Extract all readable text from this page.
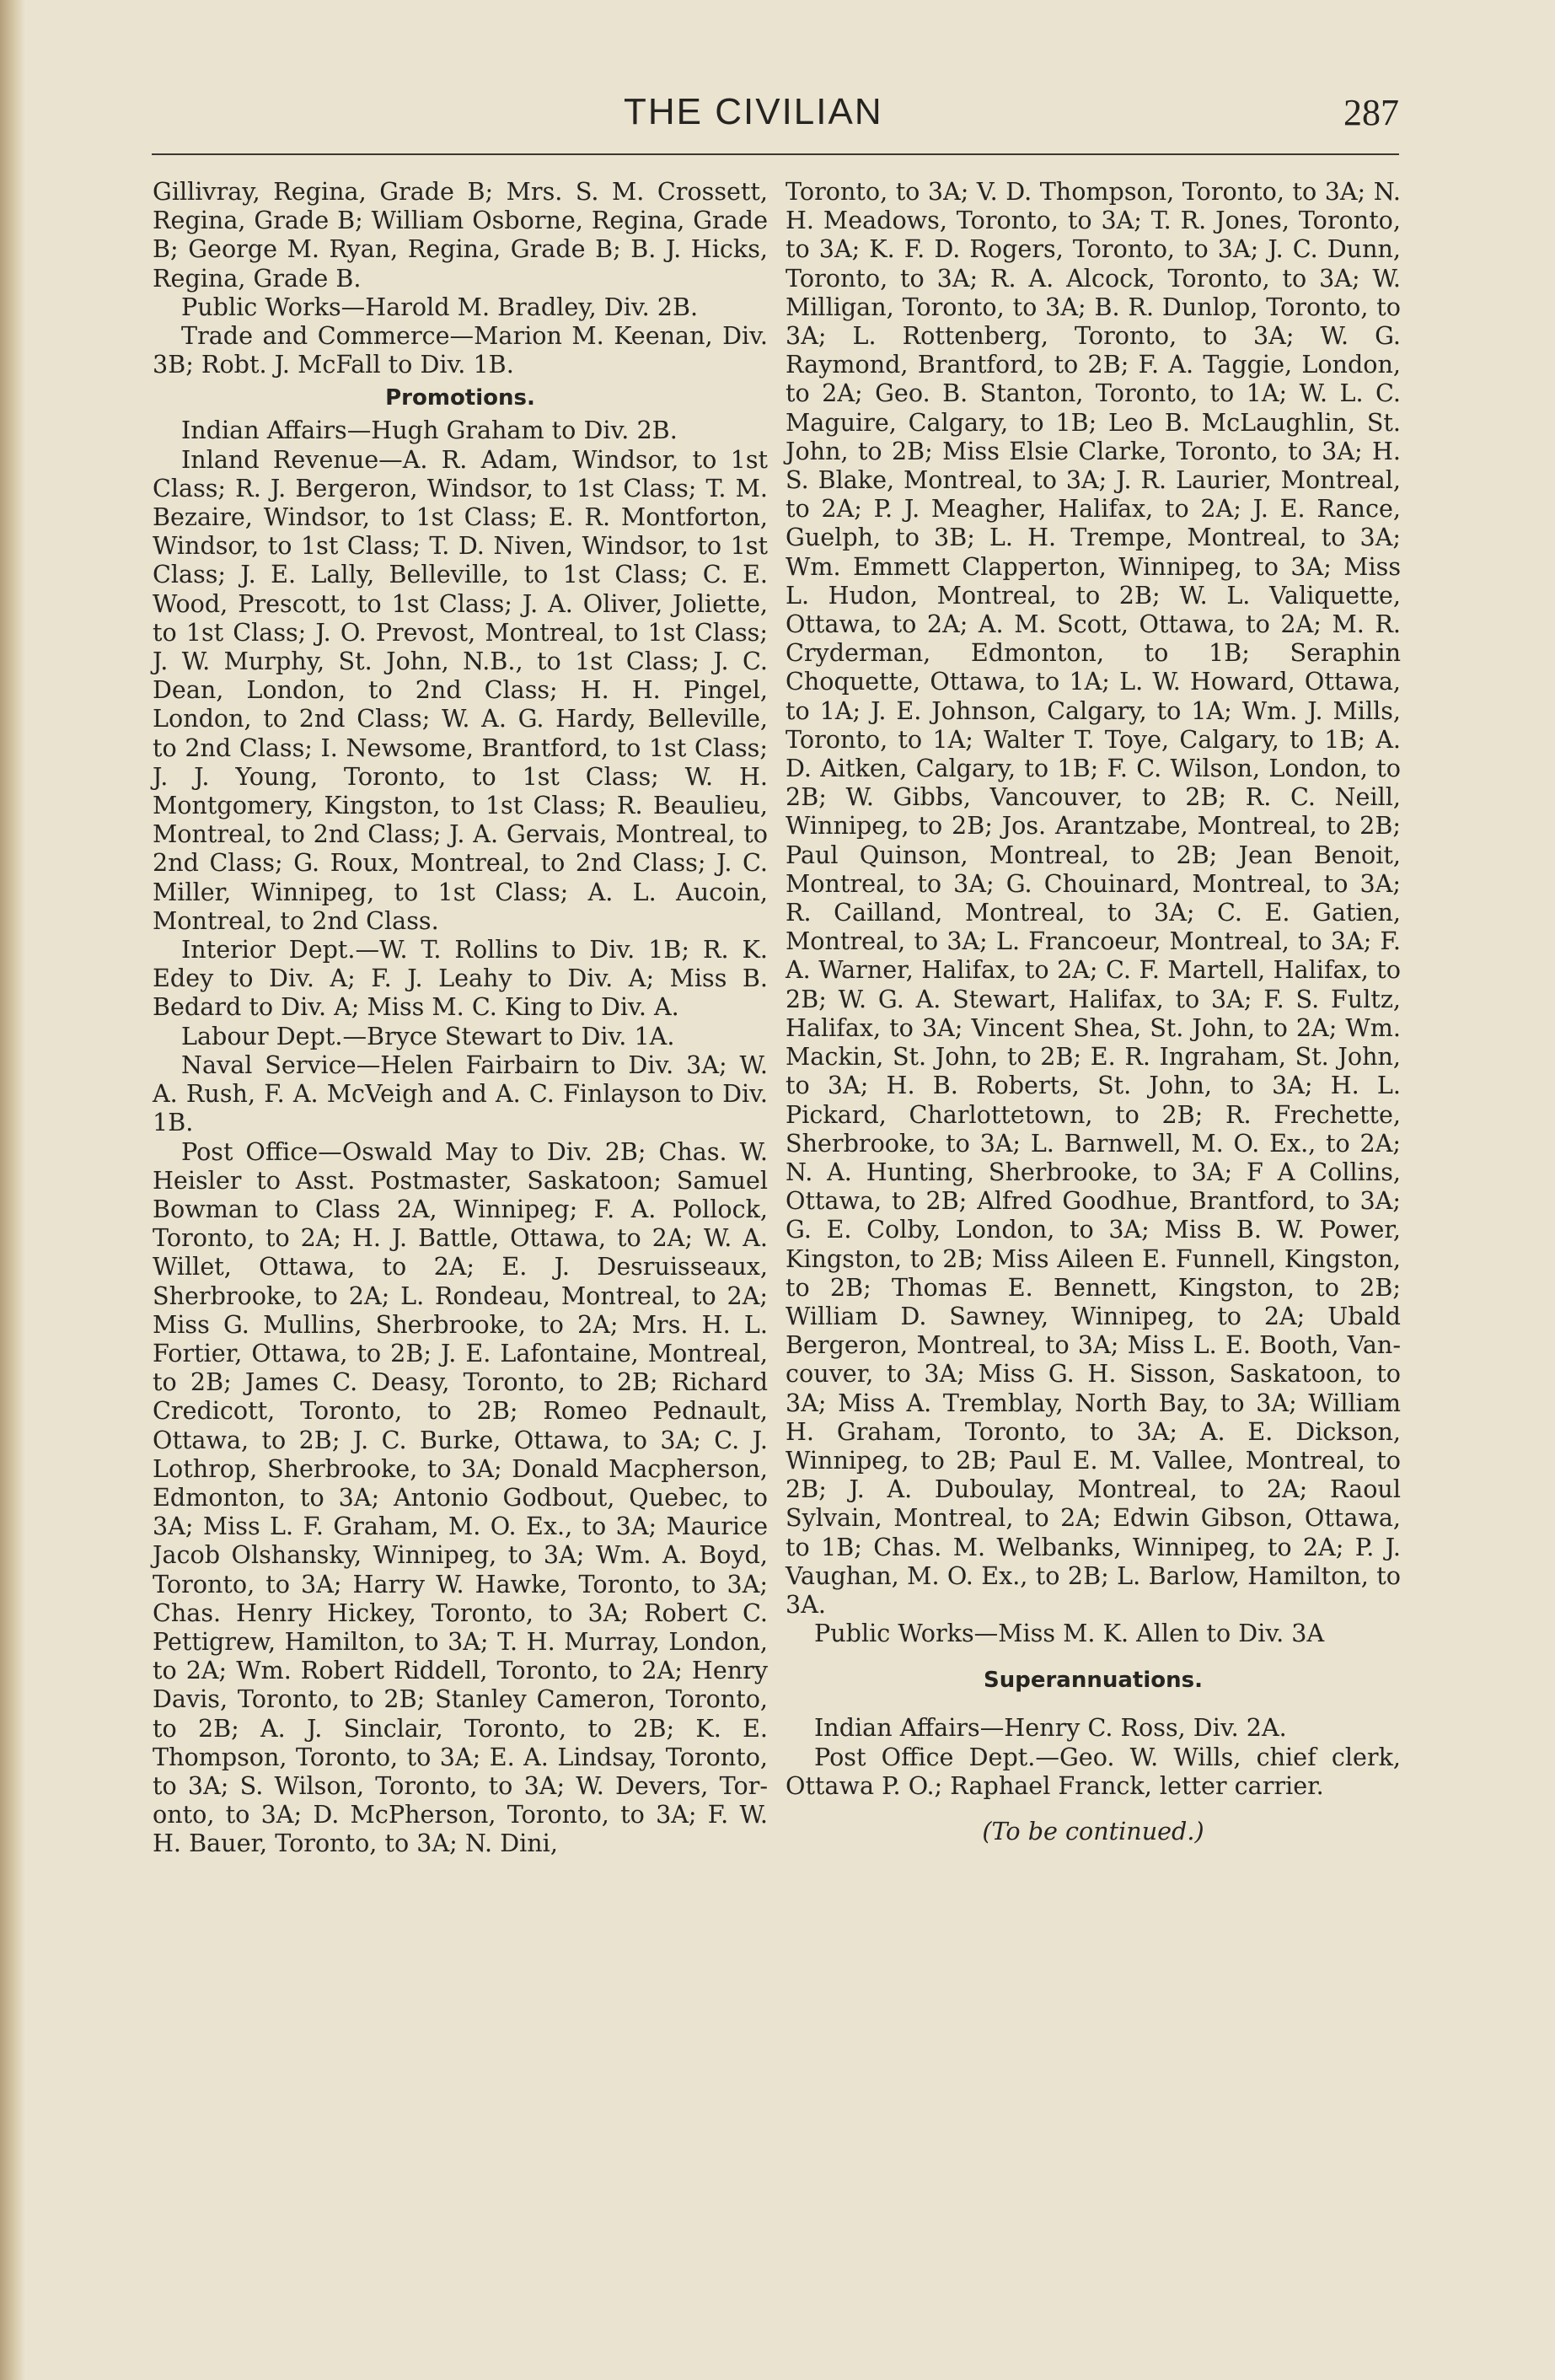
THE CIVILIAN	287

Gillivray, Regina, Grade B; Mrs. S. M. Crossett, Regina, Grade B; William Osborne, Regina, Grade B; George M. Ryan, Regina, Grade B; B. J. Hicks, Regina, Grade B.

Public Works—Harold M. Bradley, Div. 2B.

Trade and Commerce—Marion M. Keenan, Div. 3B; Robt. J. McFall to Div. 1B.

Promotions.

Indian Affairs—Hugh Graham to Div. 2B.

Inland Revenue—A. R. Adam, Windsor, to 1st Class; R. J. Bergeron, Windsor, to 1st Class; T. M. Bezaire, Windsor, to 1st Class; E. R. Montforton, Windsor, to 1st Class; T. D. Niven, Windsor, to 1st Class; J. E. Lally, Belleville, to 1st Class; C. E. Wood, Prescott, to 1st Class; J. A. Oliver, Joliette, to 1st Class; J. O. Prevost, Montreal, to 1st Class; J. W. Murphy, St. John, N.B., to 1st Class; J. C. Dean, London, to 2nd Class; H. H. Pingel, London, to 2nd Class; W. A. G. Hardy, Belleville, to 2nd Class; I. Newsome, Brantford, to 1st Class; J. J. Young, Toronto, to 1st Class; W. H. Montgomery, Kingston, to 1st Class; R. Beaulieu, Montreal, to 2nd Class; J. A. Gervais, Montreal, to 2nd Class; G. Roux, Montreal, to 2nd Class; J. C. Miller, Winnipeg, to 1st Class; A. L. Aucoin, Montreal, to 2nd Class.

Interior Dept.—W. T. Rollins to Div. 1B; R. K. Edey to Div. A; F. J. Leahy to Div. A; Miss B. Bedard to Div. A; Miss M. C. King to Div. A.

Labour Dept.—Bryce Stewart to Div. 1A.

Naval Service—Helen Fairbairn to Div. 3A; W. A. Rush, F. A. McVeigh and A. C. Finlayson to Div. 1B.

Post Office—Oswald May to Div. 2B; Chas. W. Heisler to Asst. Postmaster, Saskatoon; Samuel Bowman to Class 2A, Winnipeg; F. A. Pollock, Toronto, to 2A; H. J. Battle, Ottawa, to 2A; W. A. Willet, Ottawa, to 2A; E. J. Desruisseaux, Sherbrooke, to 2A; L. Rondeau, Montreal, to 2A; Miss G. Mullins, Sherbrooke, to 2A; Mrs. H. L. Fortier, Ottawa, to 2B; J. E. Lafontaine, Montreal, to 2B; James C. Deasy, Toronto, to 2B; Richard Credicott, Toronto, to 2B; Romeo Pednault, Ottawa, to 2B; J. C. Burke, Ottawa, to 3A; C. J. Lothrop, Sherbrooke, to 3A; Donald Macpherson, Edmonton, to 3A; Antonio Godbout, Quebec, to 3A; Miss L. F. Graham, M. O. Ex., to 3A; Maurice Jacob Olshansky, Winnipeg, to 3A; Wm. A. Boyd, Toronto, to 3A; Harry W. Hawke, Toronto, to 3A; Chas. Henry Hickey, Toronto, to 3A; Robert C. Pettigrew, Hamilton, to 3A; T. H. Murray, London, to 2A; Wm. Robert Riddell, Toronto, to 2A; Henry Davis, Toronto, to 2B; Stanley Cameron, Toronto, to 2B; A. J. Sinclair, Toronto, to 2B; K. E. Thompson, Toronto, to 3A; E. A. Lindsay, Toronto, to 3A; S. Wilson, Toronto, to 3A; W. Devers, Toronto, to 3A; D. McPherson, Toronto, to 3A; F. W. H. Bauer, Toronto, to 3A; N. Dini,

Toronto, to 3A; V. D. Thompson, Toronto, to 3A; N. H. Meadows, Toronto, to 3A; T. R. Jones, Toronto, to 3A; K. F. D. Rogers, Toronto, to 3A; J. C. Dunn, Toronto, to 3A; R. A. Alcock, Toronto, to 3A; W. Milligan, Toronto, to 3A; B. R. Dunlop, Toronto, to 3A; L. Rottenberg, Toronto, to 3A; W. G. Raymond, Brantford, to 2B; F. A. Taggie, London, to 2A; Geo. B. Stanton, Toronto, to 1A; W. L. C. Maguire, Calgary, to 1B; Leo B. McLaughlin, St. John, to 2B; Miss Elsie Clarke, Toronto, to 3A; H. S. Blake, Montreal, to 3A; J. R. Laurier, Montreal, to 2A; P. J. Meagher, Halifax, to 2A; J. E. Rance, Guelph, to 3B; L. H. Trempe, Montreal, to 3A; Wm. Emmett Clapperton, Winnipeg, to 3A; Miss L. Hudon, Montreal, to 2B; W. L. Valiquette, Ottawa, to 2A; A. M. Scott, Ottawa, to 2A; M. R. Cryderman, Edmonton, to 1B; Seraphin Choquette, Ottawa, to 1A; L. W. Howard, Ottawa, to 1A; J. E. Johnson, Calgary, to 1A; Wm. J. Mills, Toronto, to 1A; Walter T. Toye, Calgary, to 1B; A. D. Aitken, Calgary, to 1B; F. C. Wilson, London, to 2B; W. Gibbs, Vancouver, to 2B; R. C. Neill, Winnipeg, to 2B; Jos. Arantzabe, Montreal, to 2B; Paul Quinson, Montreal, to 2B; Jean Benoit, Montreal, to 3A; G. Chouinard, Montreal, to 3A; R. Cailland, Montreal, to 3A; C. E. Gatien, Montreal, to 3A; L. Francoeur, Montreal, to 3A; F. A. Warner, Halifax, to 2A; C. F. Martell, Halifax, to 2B; W. G. A. Stewart, Halifax, to 3A; F. S. Fultz, Halifax, to 3A; Vincent Shea, St. John, to 2A; Wm. Mackin, St. John, to 2B; E. R. Ingraham, St. John, to 3A; H. B. Roberts, St. John, to 3A; H. L. Pickard, Charlottetown, to 2B; R. Frechette, Sherbrooke, to 3A; L. Barnwell, M. O. Ex., to 2A; N. A. Hunting, Sherbrooke, to 3A; F A Collins, Ottawa, to 2B; Alfred Goodhue, Brantford, to 3A; G. E. Colby, London, to 3A; Miss B. W. Power, Kingston, to 2B; Miss Aileen E. Funnell, Kingston, to 2B; Thomas E. Bennett, Kingston, to 2B; William D. Sawney, Winnipeg, to 2A; Ubald Bergeron, Montreal, to 3A; Miss L. E. Booth, Vancouver, to 3A; Miss G. H. Sisson, Saskatoon, to 3A; Miss A. Tremblay, North Bay, to 3A; William H. Graham, Toronto, to 3A; A. E. Dickson, Winnipeg, to 2B; Paul E. M. Vallee, Montreal, to 2B; J. A. Duboulay, Montreal, to 2A; Raoul Sylvain, Montreal, to 2A; Edwin Gibson, Ottawa, to 1B; Chas. M. Welbanks, Winnipeg, to 2A; P. J. Vaughan, M. O. Ex., to 2B; L. Barlow, Hamilton, to 3A.

Public Works—Miss M. K. Allen to Div. 3A

Superannuations.

Indian Affairs—Henry C. Ross, Div. 2A.

Post Office Dept.—Geo. W. Wills, chief clerk, Ottawa P. O.; Raphael Franck, letter carrier.

(To be continued.)
